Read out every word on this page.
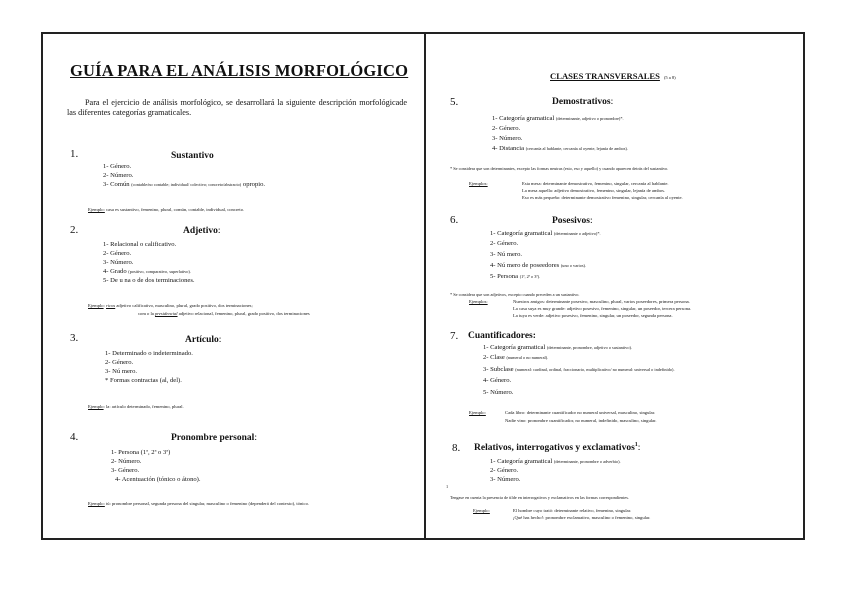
GUÍA PARA EL ANÁLISIS MORFOLÓGICO
Para el ejercicio de análisis morfológico, se desarrollará la siguiente descripción morfológicade las diferentes categorías gramaticales.
1.	Sustantivo
1- Género.
2- Número.
3- Común (contable/no contable; individual/ colectivo; concreto/abstracto) opropio.
Ejemplo: casa es sustantivo, femenino, plural, común, contable, individual, concreto.
2.	Adjetivo:
1- Relacional o calificativo.
2- Género.
3- Número.
4- Grado (positivo, comparativo, superlativo).
5- De u na o de dos terminaciones.
Ejemplo: ricos adjetivo calificativo, masculino, plural, grado positivo, dos terminaciones;
com o la presidencial adjetivo relacional, femenino, plural, grado positivo, dos terminaciones
3.	Artículo:
1- Determinado o indeterminado.
2- Género.
3- Nú mero.
* Formas contractas (al, del).
Ejemplo: la: artículo determinado, femenino, plural.
4.	Pronombre personal:
1- Persona (1ª, 2ª o 3ª)
2- Número.
3- Género.
4- Acentuación (tónico o átono).
Ejemplo: tú: pronombre personal, segunda persona del singular, masculino o femenino (dependerá del contexto), tónico.
CLASES TRANSVERSALES (5 a 8)
5.	Demostrativos:
1- Categoría gramatical (determinante, adjetivo o pronombre)*.
2- Género.
3- Número.
4- Distancia (cercanía al hablante, cercanía al oyente, lejanía de ambos).
* Se considera que son determinantes, excepto las formas neutras (esto, eso y aquello) y cuando aparecen detrás del sustantivo.
Ejemplos:	Esta mesa: determinante demostrativo, femenino, singular, cercanía al hablante.
La mesa aquella: adjetivo demostrativo, femenino, singular, lejanía de ambos.
Eso es más pequeño: determinante demostrativo femenino, singular, cercanía al oyente.
6.	Posesivos:
1- Categoría gramatical (determinante o adjetivo)*.
2- Género.
3- Nú mero.
4- Nú mero de poseedores (uno o varios).
5- Persona (1ª, 2ª o 3ª).
* Se considera que son adjetivos, excepto cuando preceden a un sustantivo.
Ejemplos:	Nuestros amigos: determinante posesivo, masculino, plural, varios poseedores, primera persona.
La casa suya es muy grande: adjetivo posesivo, femenino, singular, un poseedor, tercera persona.
La tuya es verde: adjetivo posesivo, femenino, singular, un poseedor, segunda persona.
7. Cuantificadores:
1- Categoría gramatical (determinante, pronombre, adjetivo o sustantivo).
2- Clase (numeral o no numeral).
3- Subclase (numeral: cardinal, ordinal, fraccionario, multiplicativo/ no numeral: universal o indefinido).
4- Género.
5- Número.
Ejemplo:	Cada libro: determinante cuantificador no numeral universal, masculino, singular.
Nadie vino: pronombre cuantificador, no numeral, indefinido, masculino, singular.
8. Relativos, interrogativos y exclamativos$^1$:
1- Categoría gramatical (determinante, pronombre o adverbio).
2- Género.
3- Número.
1
Tengase en cuenta la presencia de tilde en interrogativos y exclamativos en las formas correspondientes.
Ejemplo:	El hombre cuyo trató: determinante relativo, femenino, singular.
¡Qué has hecho!: pronombre exclamativo, masculino o femenino, singular.
